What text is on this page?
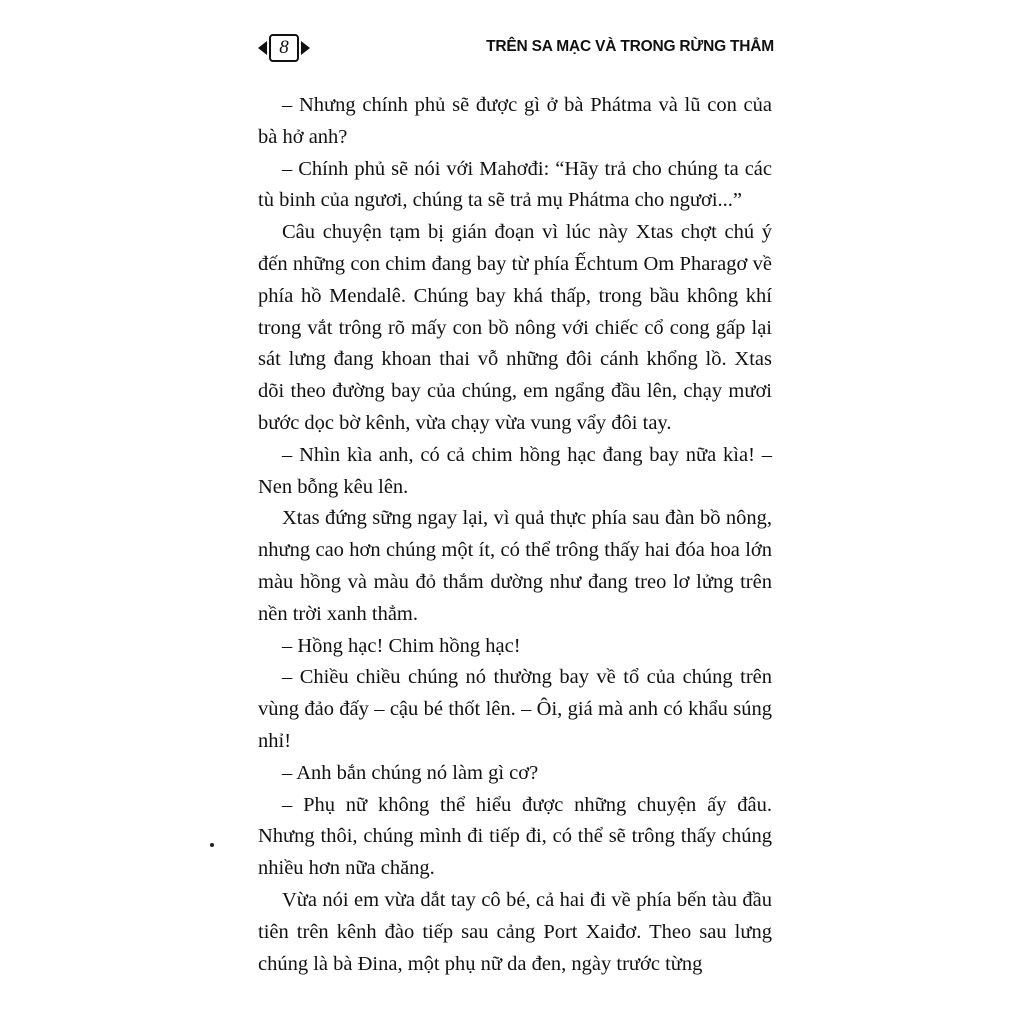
8	TRÊN SA MẠC VÀ TRONG RỪNG THẲM

– Nhưng chính phủ sẽ được gì ở bà Phátma và lũ con của bà hở anh?

– Chính phủ sẽ nói với Mahơđi: “Hãy trả cho chúng ta các tù binh của ngươi, chúng ta sẽ trả mụ Phátma cho ngươi...”

Câu chuyện tạm bị gián đoạn vì lúc này Xtas chợt chú ý đến những con chim đang bay từ phía Ếchtum Om Pharagơ về phía hồ Mendalê. Chúng bay khá thấp, trong bầu không khí trong vắt trông rõ mấy con bồ nông với chiếc cổ cong gấp lại sát lưng đang khoan thai vỗ những đôi cánh khổng lồ. Xtas dõi theo đường bay của chúng, em ngẩng đầu lên, chạy mươi bước dọc bờ kênh, vừa chạy vừa vung vẩy đôi tay.

– Nhìn kìa anh, có cả chim hồng hạc đang bay nữa kìa! – Nen bỗng kêu lên.

Xtas đứng sững ngay lại, vì quả thực phía sau đàn bồ nông, nhưng cao hơn chúng một ít, có thể trông thấy hai đóa hoa lớn màu hồng và màu đỏ thắm dường như đang treo lơ lửng trên nền trời xanh thẳm.

– Hồng hạc! Chim hồng hạc!

– Chiều chiều chúng nó thường bay về tổ của chúng trên vùng đảo đấy – cậu bé thốt lên. – Ôi, giá mà anh có khẩu súng nhỉ!

– Anh bắn chúng nó làm gì cơ?

– Phụ nữ không thể hiểu được những chuyện ấy đâu. Nhưng thôi, chúng mình đi tiếp đi, có thể sẽ trông thấy chúng nhiều hơn nữa chăng.

Vừa nói em vừa dắt tay cô bé, cả hai đi về phía bến tàu đầu tiên trên kênh đào tiếp sau cảng Port Xaiđơ. Theo sau lưng chúng là bà Đina, một phụ nữ da đen, ngày trước từng
